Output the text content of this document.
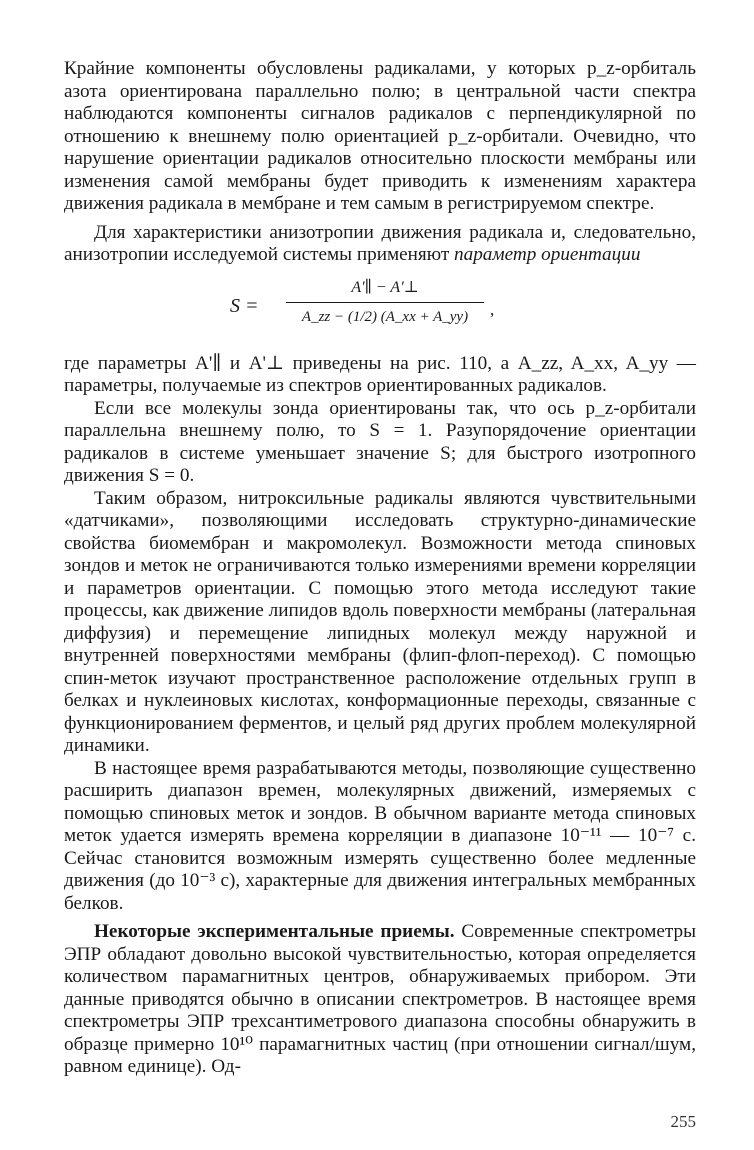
Крайние компоненты обусловлены радикалами, у которых p_z-орбиталь азота ориентирована параллельно полю; в центральной части спектра наблюдаются компоненты сигналов радикалов с перпендикулярной по отношению к внешнему полю ориентацией p_z-орбитали. Очевидно, что нарушение ориентации радикалов относительно плоскости мембраны или изменения самой мембраны будет приводить к изменениям характера движения радикала в мембране и тем самым в регистрируемом спектре.

Для характеристики анизотропии движения радикала и, следовательно, анизотропии исследуемой системы применяют параметр ориентации

S =
A'∥ − A'⊥
A_zz − (1/2) (A_xx + A_yy)	,

где параметры A'∥ и A'⊥ приведены на рис. 110, а A_zz, A_xx, A_yy — параметры, получаемые из спектров ориентированных радикалов.

Если все молекулы зонда ориентированы так, что ось p_z-орбитали параллельна внешнему полю, то S = 1. Разупорядочение ориентации радикалов в системе уменьшает значение S; для быстрого изотропного движения S = 0.

Таким образом, нитроксильные радикалы являются чувствительными «датчиками», позволяющими исследовать структурно-динамические свойства биомембран и макромолекул. Возможности метода спиновых зондов и меток не ограничиваются только измерениями времени корреляции и параметров ориентации. С помощью этого метода исследуют такие процессы, как движение липидов вдоль поверхности мембраны (латеральная диффузия) и перемещение липидных молекул между наружной и внутренней поверхностями мембраны (флип-флоп-переход). С помощью спин-меток изучают пространственное расположение отдельных групп в белках и нуклеиновых кислотах, конформационные переходы, связанные с функционированием ферментов, и целый ряд других проблем молекулярной динамики.

В настоящее время разрабатываются методы, позволяющие существенно расширить диапазон времен, молекулярных движений, измеряемых с помощью спиновых меток и зондов. В обычном варианте метода спиновых меток удается измерять времена корреляции в диапазоне 10⁻¹¹ — 10⁻⁷ с. Сейчас становится возможным измерять существенно более медленные движения (до 10⁻³ с), характерные для движения интегральных мембранных белков.

Некоторые экспериментальные приемы. Современные спектрометры ЭПР обладают довольно высокой чувствительностью, которая определяется количеством парамагнитных центров, обнаруживаемых прибором. Эти данные приводятся обычно в описании спектрометров. В настоящее время спектрометры ЭПР трехсантиметрового диапазона способны обнаружить в образце примерно 10¹⁰ парамагнитных частиц (при отношении сигнал/шум, равном единице). Од-

255
